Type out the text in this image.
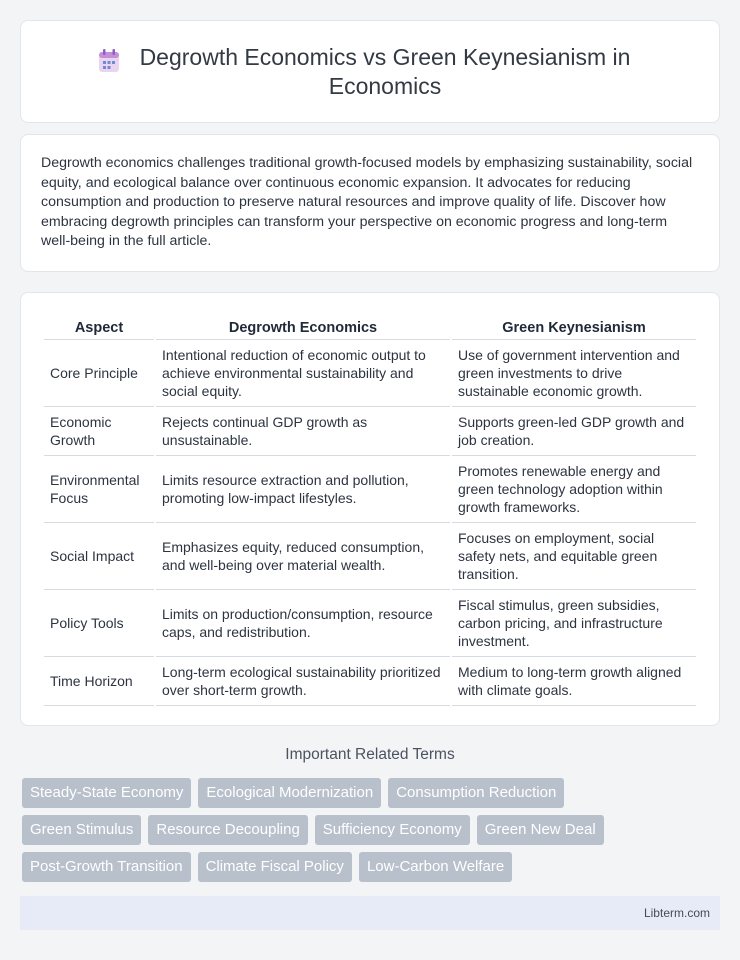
Degrowth Economics vs Green Keynesianism in Economics

Degrowth economics challenges traditional growth-focused models by emphasizing sustainability, social equity, and ecological balance over continuous economic expansion. It advocates for reducing consumption and production to preserve natural resources and improve quality of life. Discover how embracing degrowth principles can transform your perspective on economic progress and long-term well-being in the full article.

Aspect	Degrowth Economics	Green Keynesianism
Core Principle	Intentional reduction of economic output to achieve environmental sustainability and social equity.	Use of government intervention and green investments to drive sustainable economic growth.
Economic Growth	Rejects continual GDP growth as unsustainable.	Supports green-led GDP growth and job creation.
Environmental Focus	Limits resource extraction and pollution, promoting low-impact lifestyles.	Promotes renewable energy and green technology adoption within growth frameworks.
Social Impact	Emphasizes equity, reduced consumption, and well-being over material wealth.	Focuses on employment, social safety nets, and equitable green transition.
Policy Tools	Limits on production/consumption, resource caps, and redistribution.	Fiscal stimulus, green subsidies, carbon pricing, and infrastructure investment.
Time Horizon	Long-term ecological sustainability prioritized over short-term growth.	Medium to long-term growth aligned with climate goals.
Important Related Terms
Steady-State Economy	Ecological Modernization	Consumption Reduction
Green Stimulus	Resource Decoupling	Sufficiency Economy	Green New Deal
Post-Growth Transition	Climate Fiscal Policy	Low-Carbon Welfare
Libterm.com
